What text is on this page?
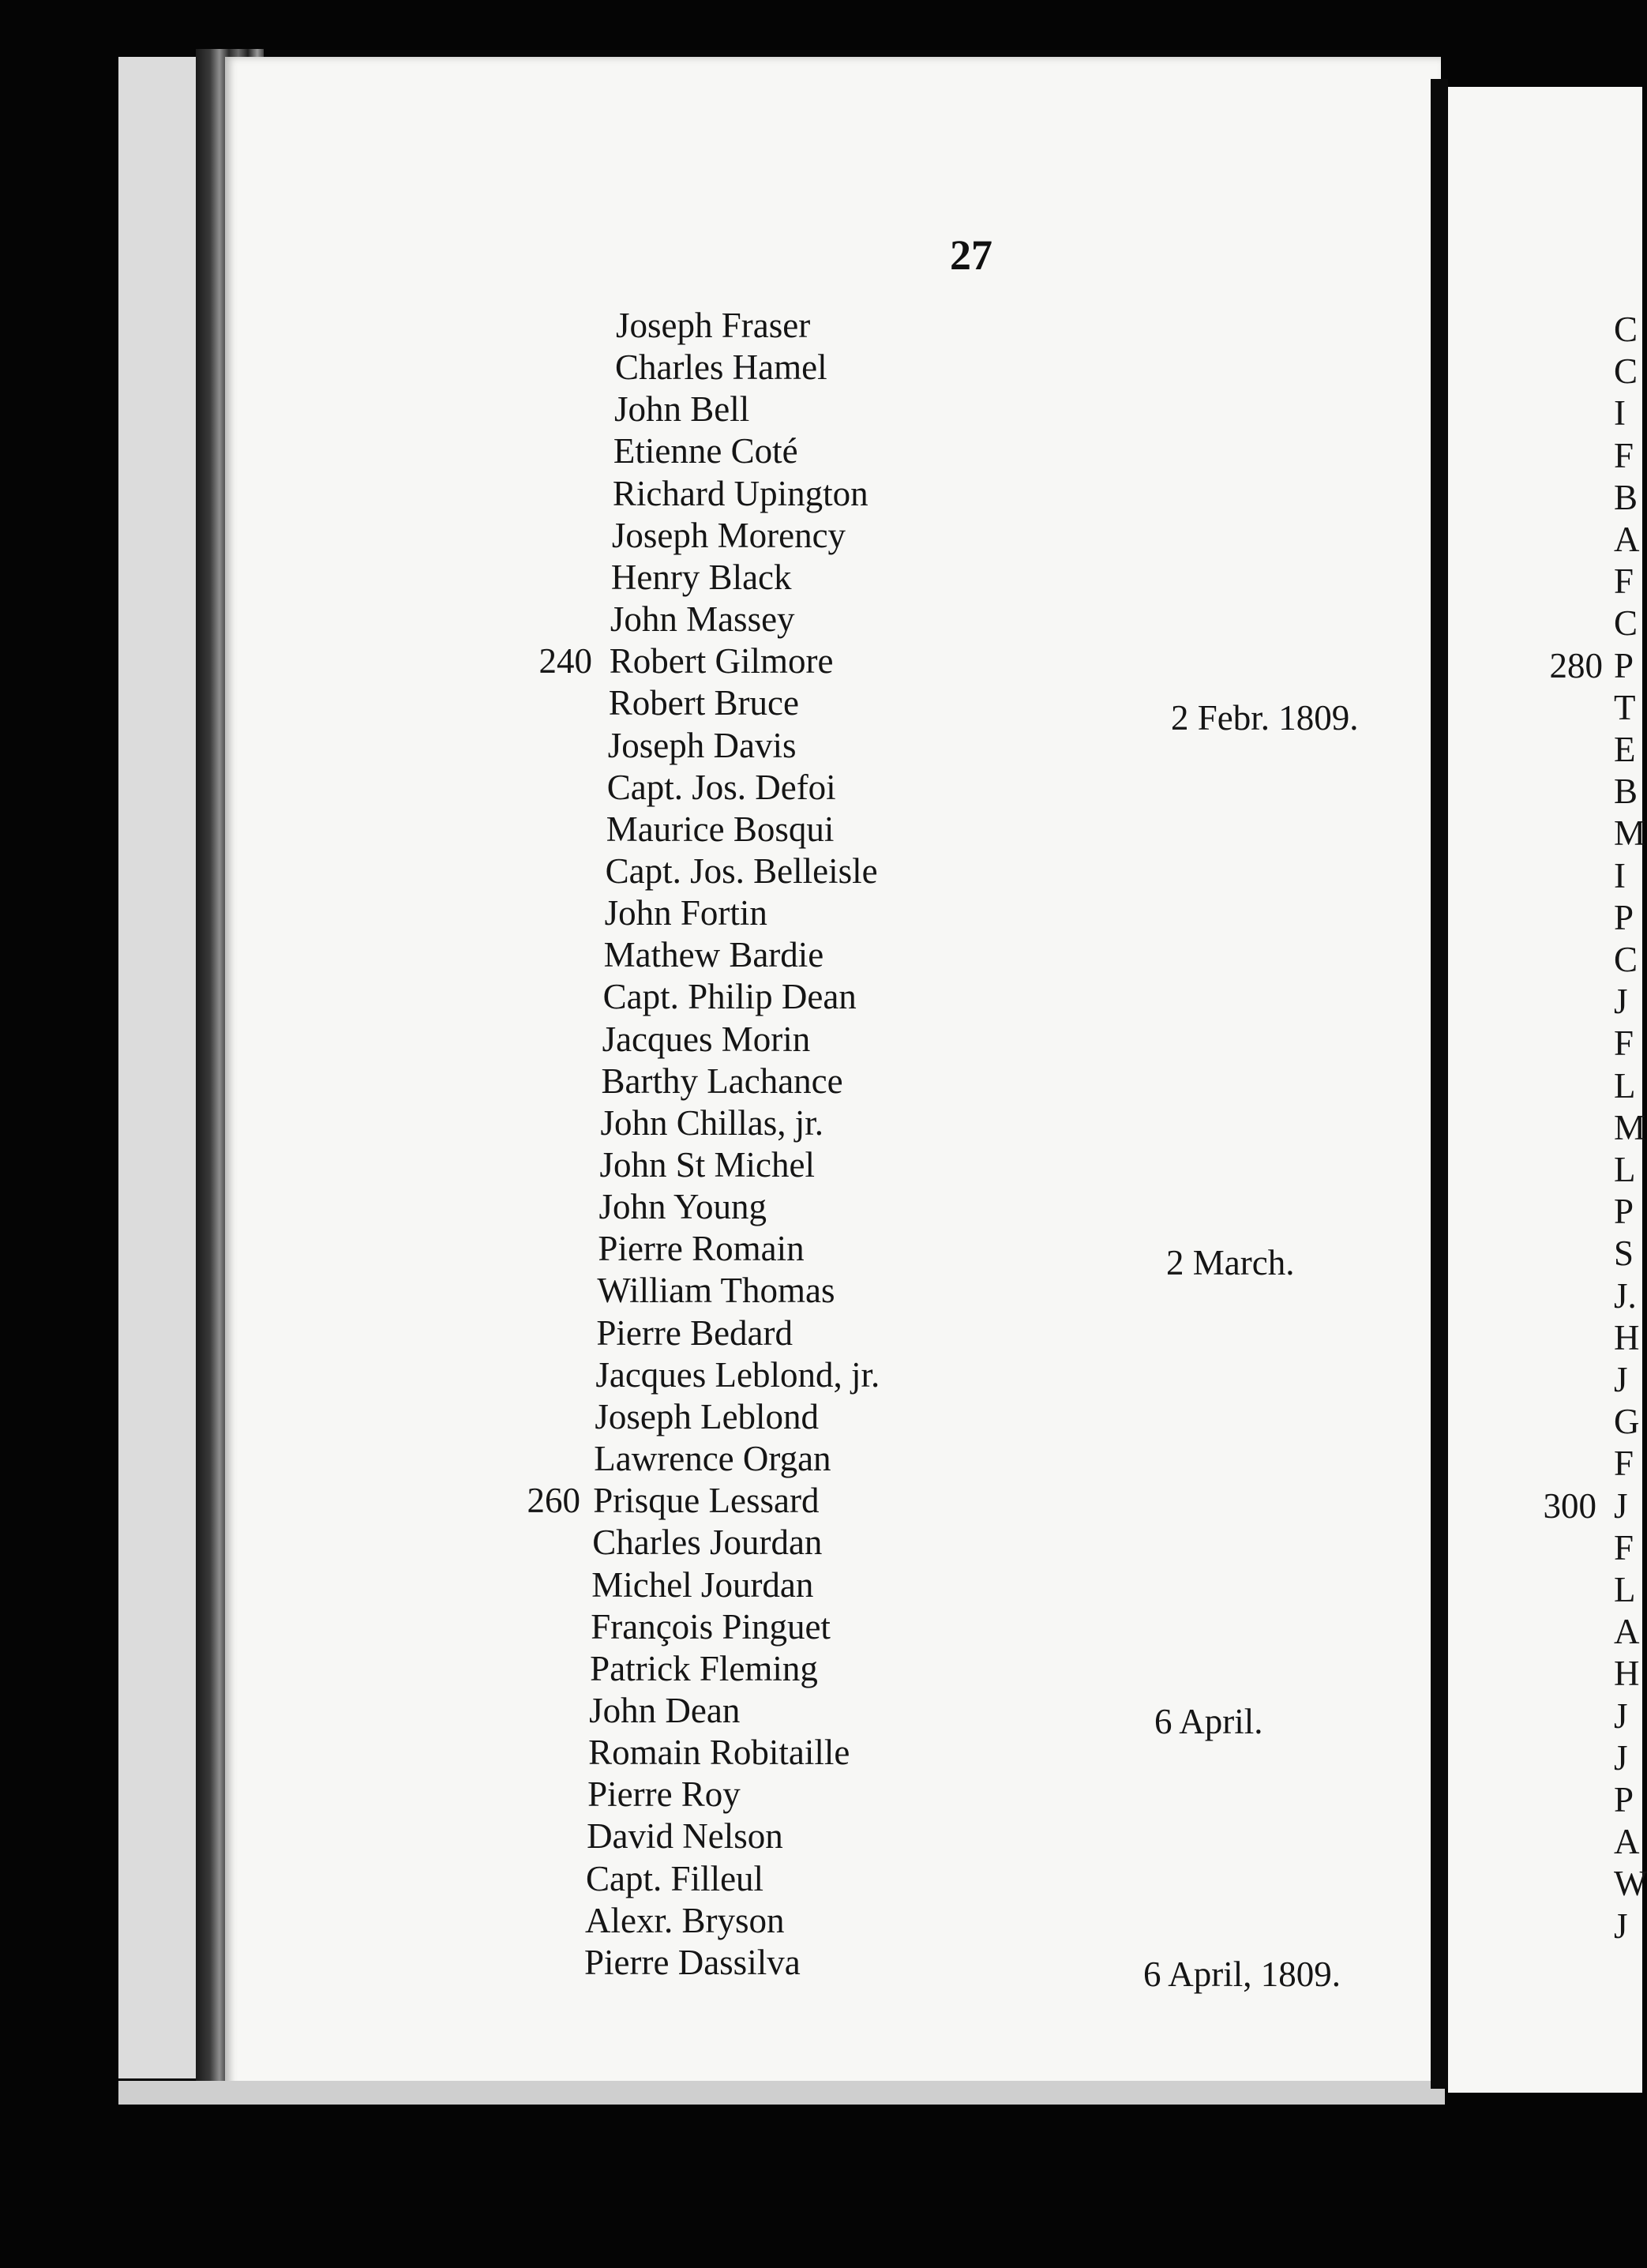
27
Joseph Fraser
Charles Hamel
John Bell
Etienne Coté
Richard Upington
Joseph Morency
Henry Black
John Massey
Robert Gilmore
Robert Bruce
Joseph Davis
Capt. Jos. Defoi
Maurice Bosqui
Capt. Jos. Belleisle
John Fortin
Mathew Bardie
Capt. Philip Dean
Jacques Morin
Barthy Lachance
John Chillas, jr.
John St Michel
John Young
Pierre Romain
William Thomas
Pierre Bedard
Jacques Leblond, jr.
Joseph Leblond
Lawrence Organ
Prisque Lessard
Charles Jourdan
Michel Jourdan
François Pinguet
Patrick Fleming
John Dean
Romain Robitaille
Pierre Roy
David Nelson
Capt. Filleul
Alexr. Bryson
Pierre Dassilva
240
260
2 Febr. 1809.
2 March.
6 April.
6 April, 1809.
C
C
I
F
B
A
F
C
P
T
E
B
M
I
P
C
J
F
L
M
L
P
S
J.
H
J
G
F
J
F
L
A
H
J
J
P
A
W
J
280
300
